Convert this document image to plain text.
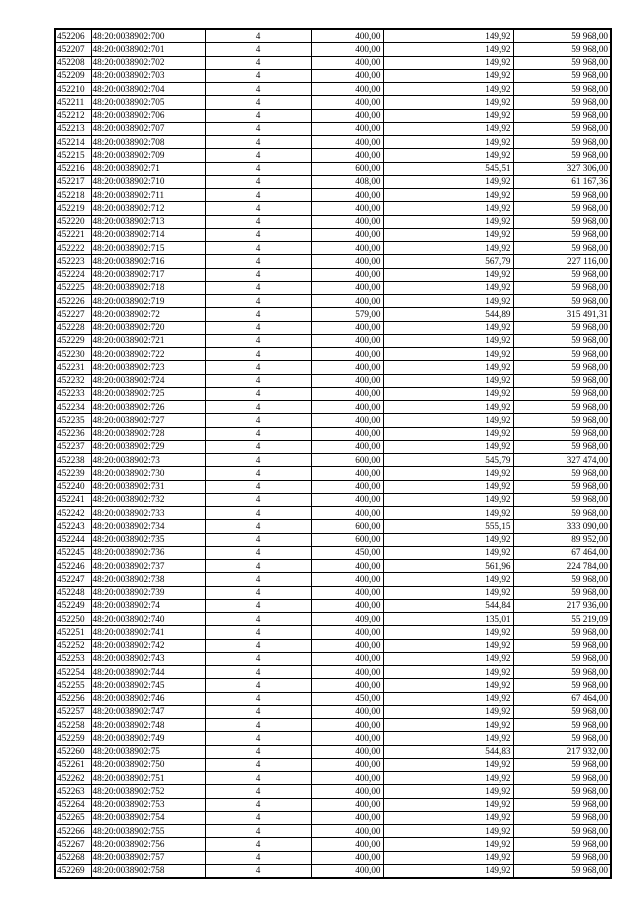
452206	48:20:0038902:700	4	400,00	149,92	59 968,00
452207	48:20:0038902:701	4	400,00	149,92	59 968,00
452208	48:20:0038902:702	4	400,00	149,92	59 968,00
452209	48:20:0038902:703	4	400,00	149,92	59 968,00
452210	48:20:0038902:704	4	400,00	149,92	59 968,00
452211	48:20:0038902:705	4	400,00	149,92	59 968,00
452212	48:20:0038902:706	4	400,00	149,92	59 968,00
452213	48:20:0038902:707	4	400,00	149,92	59 968,00
452214	48:20:0038902:708	4	400,00	149,92	59 968,00
452215	48:20:0038902:709	4	400,00	149,92	59 968,00
452216	48:20:0038902:71	4	600,00	545,51	327 306,00
452217	48:20:0038902:710	4	408,00	149,92	61 167,36
452218	48:20:0038902:711	4	400,00	149,92	59 968,00
452219	48:20:0038902:712	4	400,00	149,92	59 968,00
452220	48:20:0038902:713	4	400,00	149,92	59 968,00
452221	48:20:0038902:714	4	400,00	149,92	59 968,00
452222	48:20:0038902:715	4	400,00	149,92	59 968,00
452223	48:20:0038902:716	4	400,00	567,79	227 116,00
452224	48:20:0038902:717	4	400,00	149,92	59 968,00
452225	48:20:0038902:718	4	400,00	149,92	59 968,00
452226	48:20:0038902:719	4	400,00	149,92	59 968,00
452227	48:20:0038902:72	4	579,00	544,89	315 491,31
452228	48:20:0038902:720	4	400,00	149,92	59 968,00
452229	48:20:0038902:721	4	400,00	149,92	59 968,00
452230	48:20:0038902:722	4	400,00	149,92	59 968,00
452231	48:20:0038902:723	4	400,00	149,92	59 968,00
452232	48:20:0038902:724	4	400,00	149,92	59 968,00
452233	48:20:0038902:725	4	400,00	149,92	59 968,00
452234	48:20:0038902:726	4	400,00	149,92	59 968,00
452235	48:20:0038902:727	4	400,00	149,92	59 968,00
452236	48:20:0038902:728	4	400,00	149,92	59 968,00
452237	48:20:0038902:729	4	400,00	149,92	59 968,00
452238	48:20:0038902:73	4	600,00	545,79	327 474,00
452239	48:20:0038902:730	4	400,00	149,92	59 968,00
452240	48:20:0038902:731	4	400,00	149,92	59 968,00
452241	48:20:0038902:732	4	400,00	149,92	59 968,00
452242	48:20:0038902:733	4	400,00	149,92	59 968,00
452243	48:20:0038902:734	4	600,00	555,15	333 090,00
452244	48:20:0038902:735	4	600,00	149,92	89 952,00
452245	48:20:0038902:736	4	450,00	149,92	67 464,00
452246	48:20:0038902:737	4	400,00	561,96	224 784,00
452247	48:20:0038902:738	4	400,00	149,92	59 968,00
452248	48:20:0038902:739	4	400,00	149,92	59 968,00
452249	48:20:0038902:74	4	400,00	544,84	217 936,00
452250	48:20:0038902:740	4	409,00	135,01	55 219,09
452251	48:20:0038902:741	4	400,00	149,92	59 968,00
452252	48:20:0038902:742	4	400,00	149,92	59 968,00
452253	48:20:0038902:743	4	400,00	149,92	59 968,00
452254	48:20:0038902:744	4	400,00	149,92	59 968,00
452255	48:20:0038902:745	4	400,00	149,92	59 968,00
452256	48:20:0038902:746	4	450,00	149,92	67 464,00
452257	48:20:0038902:747	4	400,00	149,92	59 968,00
452258	48:20:0038902:748	4	400,00	149,92	59 968,00
452259	48:20:0038902:749	4	400,00	149,92	59 968,00
452260	48:20:0038902:75	4	400,00	544,83	217 932,00
452261	48:20:0038902:750	4	400,00	149,92	59 968,00
452262	48:20:0038902:751	4	400,00	149,92	59 968,00
452263	48:20:0038902:752	4	400,00	149,92	59 968,00
452264	48:20:0038902:753	4	400,00	149,92	59 968,00
452265	48:20:0038902:754	4	400,00	149,92	59 968,00
452266	48:20:0038902:755	4	400,00	149,92	59 968,00
452267	48:20:0038902:756	4	400,00	149,92	59 968,00
452268	48:20:0038902:757	4	400,00	149,92	59 968,00
452269	48:20:0038902:758	4	400,00	149,92	59 968,00
